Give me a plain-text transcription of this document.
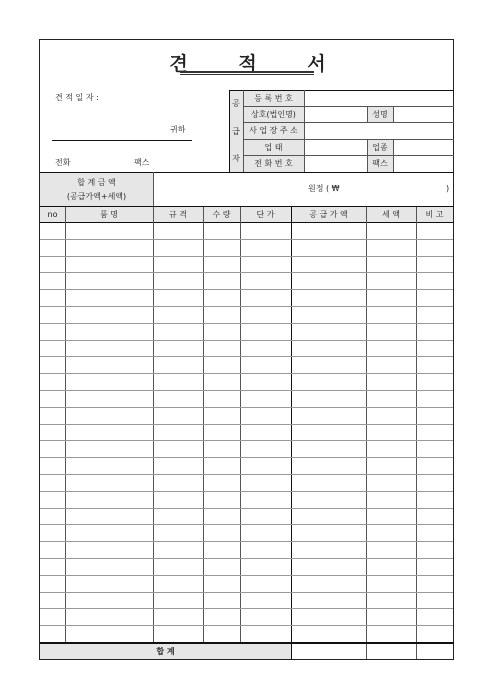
견 적 서
견 적 일 자 :
귀하
전화	팩스
공
급
자
등 록 번 호
상호(법인명)	성명
사 업 장 주 소
업 태	업종
전 화 번 호	팩스
합 계 금 액
(공급가액+세액)
원정 ( ₩	)
no	품 명	규 격	수 량	단 가	공 급 가 액	세 액	비 고
합 계
